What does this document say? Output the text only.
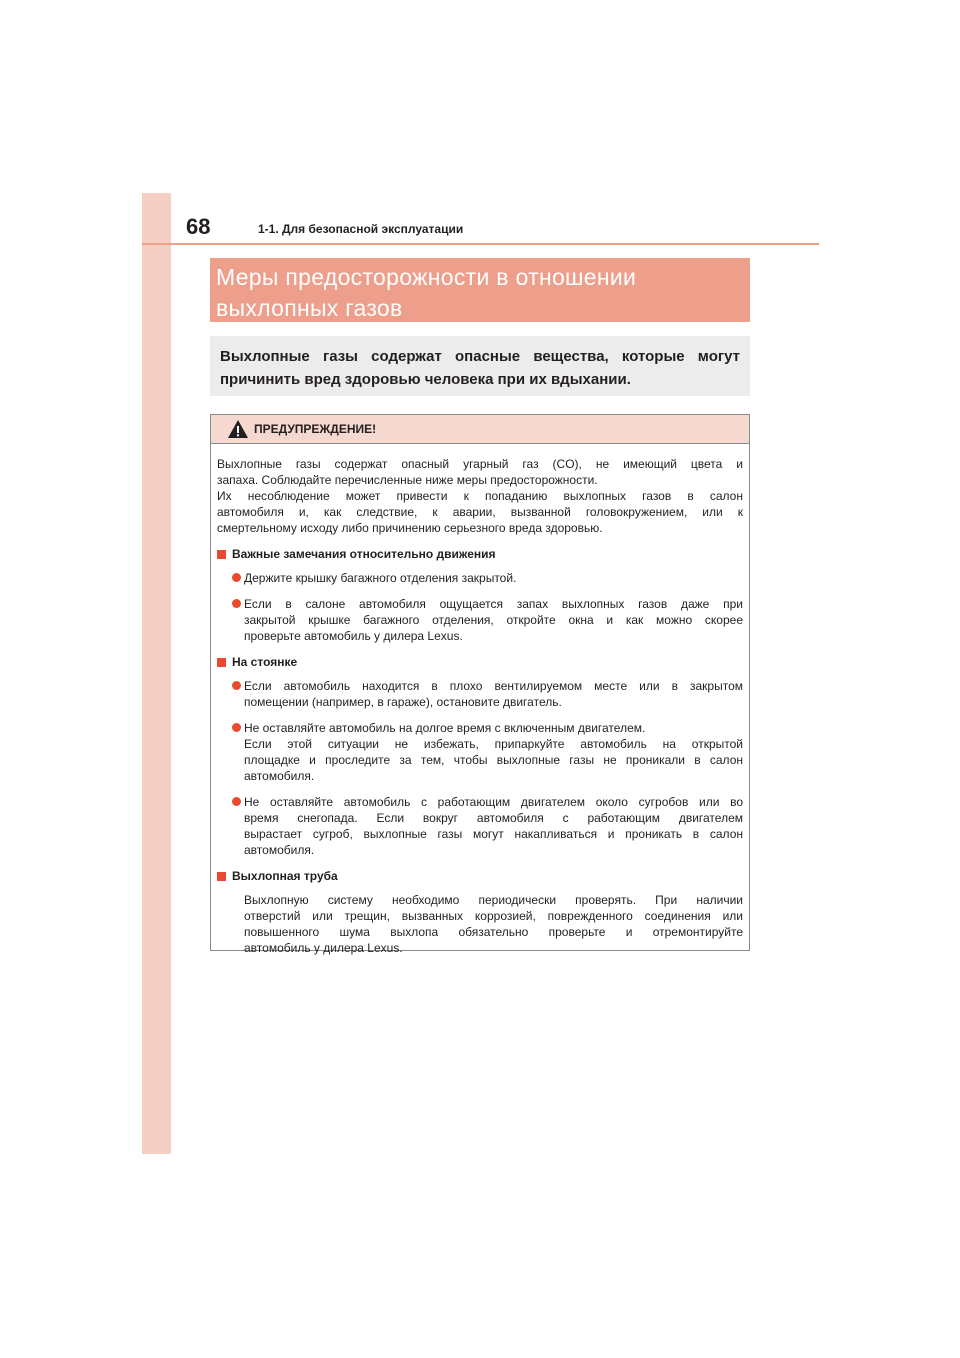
68	1-1. Для безопасной эксплуатации
Меры предосторожности в отношении
выхлопных газов
Выхлопные газы содержат опасные вещества, которые могут
причинить вред здоровью человека при их вдыхании.
ПРЕДУПРЕЖДЕНИЕ!
Выхлопные газы содержат опасный угарный газ (CO), не имеющий цвета и
запаха. Соблюдайте перечисленные ниже меры предосторожности.
Их несоблюдение может привести к попаданию выхлопных газов в салон
автомобиля и, как следствие, к аварии, вызванной головокружением, или к
смертельному исходу либо причинению серьезного вреда здоровью.
Важные замечания относительно движения
Держите крышку багажного отделения закрытой.
Если в салоне автомобиля ощущается запах выхлопных газов даже при
закрытой крышке багажного отделения, откройте окна и как можно скорее
проверьте автомобиль у дилера Lexus.
На стоянке
Если автомобиль находится в плохо вентилируемом месте или в закрытом
помещении (например, в гараже), остановите двигатель.
Не оставляйте автомобиль на долгое время с включенным двигателем.
Если этой ситуации не избежать, припаркуйте автомобиль на открытой
площадке и проследите за тем, чтобы выхлопные газы не проникали в салон
автомобиля.
Не оставляйте автомобиль с работающим двигателем около сугробов или во
время снегопада. Если вокруг автомобиля с работающим двигателем
вырастает сугроб, выхлопные газы могут накапливаться и проникать в салон
автомобиля.
Выхлопная труба
Выхлопную систему необходимо периодически проверять. При наличии
отверстий или трещин, вызванных коррозией, поврежденного соединения или
повышенного шума выхлопа обязательно проверьте и отремонтируйте
автомобиль у дилера Lexus.
